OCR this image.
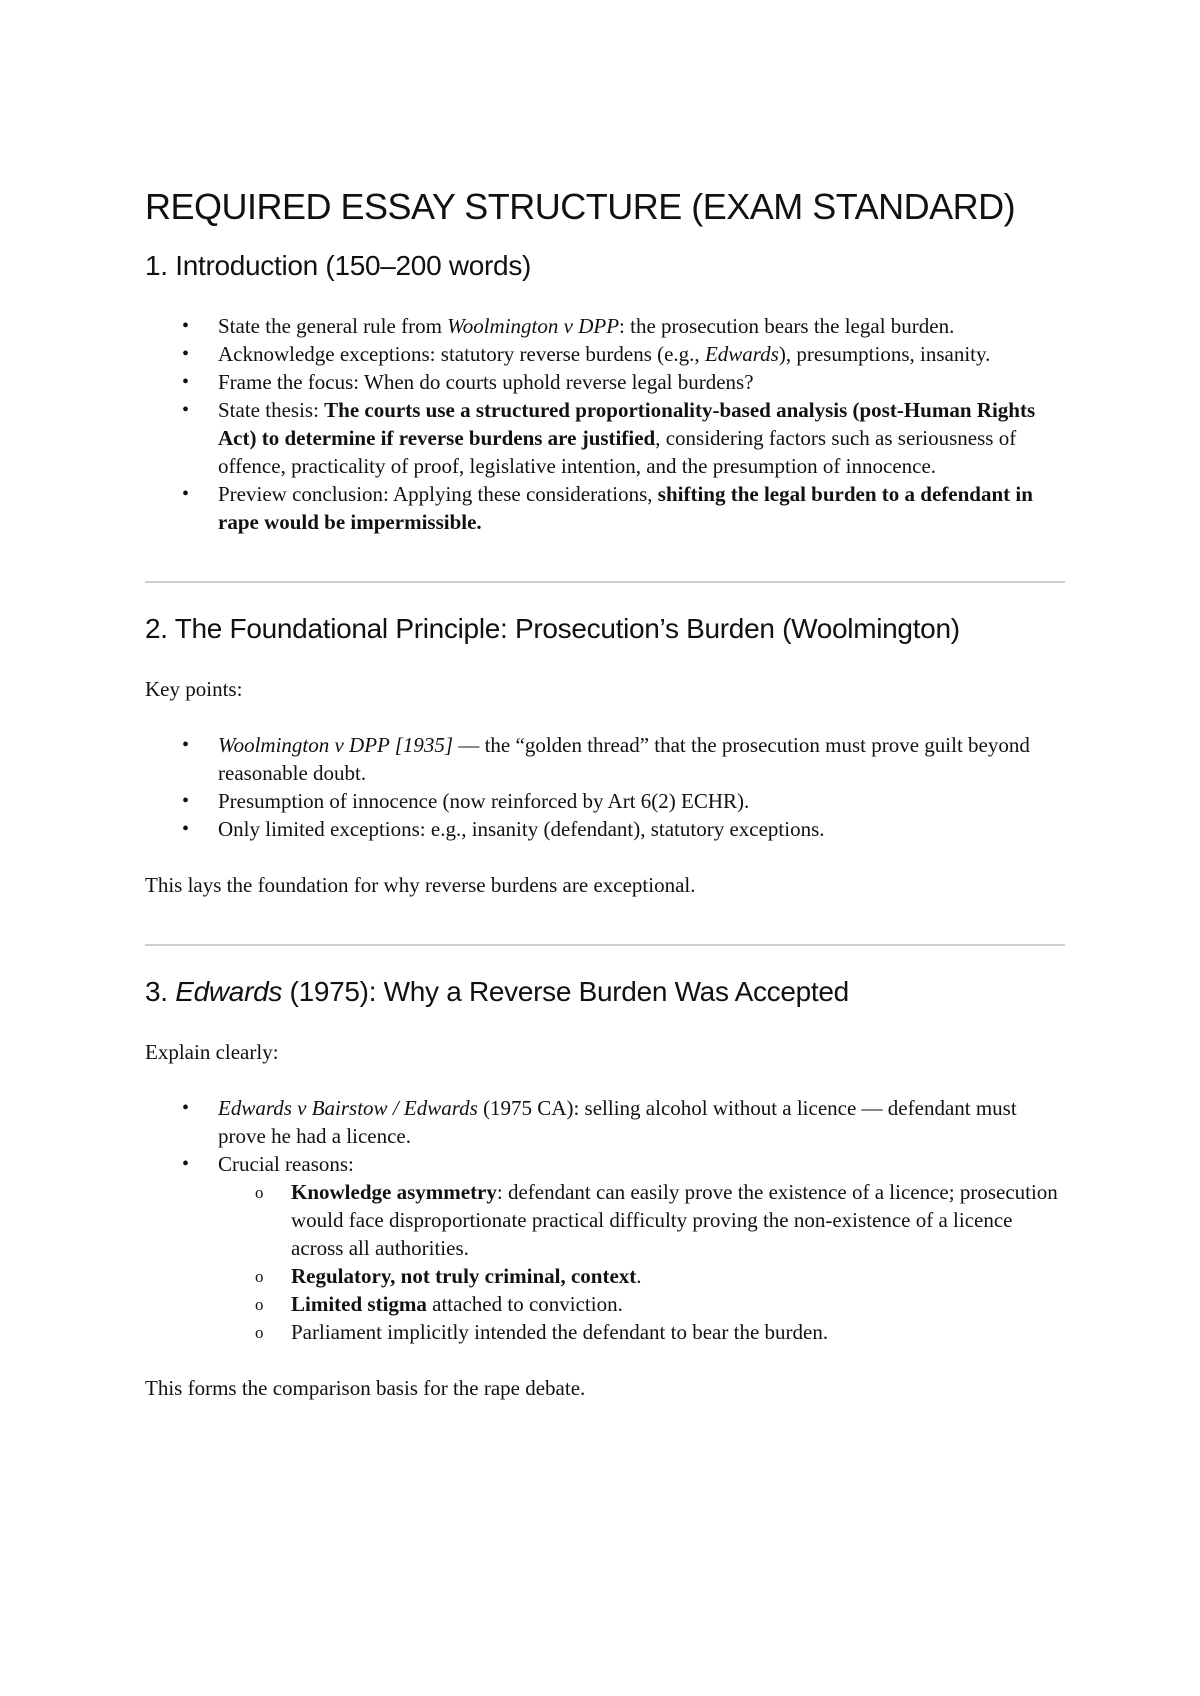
REQUIRED ESSAY STRUCTURE (EXAM STANDARD)
1. Introduction (150–200 words)
• State the general rule from Woolmington v DPP: the prosecution bears the legal burden.
• Acknowledge exceptions: statutory reverse burdens (e.g., Edwards), presumptions, insanity.
• Frame the focus: When do courts uphold reverse legal burdens?
• State thesis: The courts use a structured proportionality-based analysis (post-Human Rights Act) to determine if reverse burdens are justified, considering factors such as seriousness of offence, practicality of proof, legislative intention, and the presumption of innocence.
• Preview conclusion: Applying these considerations, shifting the legal burden to a defendant in rape would be impermissible.
2. The Foundational Principle: Prosecution’s Burden (Woolmington)

Key points:

• Woolmington v DPP [1935] — the “golden thread” that the prosecution must prove guilt beyond reasonable doubt.
• Presumption of innocence (now reinforced by Art 6(2) ECHR).
• Only limited exceptions: e.g., insanity (defendant), statutory exceptions.

This lays the foundation for why reverse burdens are exceptional.

3. Edwards (1975): Why a Reverse Burden Was Accepted

Explain clearly:

• Edwards v Bairstow / Edwards (1975 CA): selling alcohol without a licence — defendant must prove he had a licence.
• Crucial reasons:
o Knowledge asymmetry: defendant can easily prove the existence of a licence; prosecution would face disproportionate practical difficulty proving the non-existence of a licence across all authorities.
o Regulatory, not truly criminal, context.
o Limited stigma attached to conviction.
o Parliament implicitly intended the defendant to bear the burden.

This forms the comparison basis for the rape debate.
